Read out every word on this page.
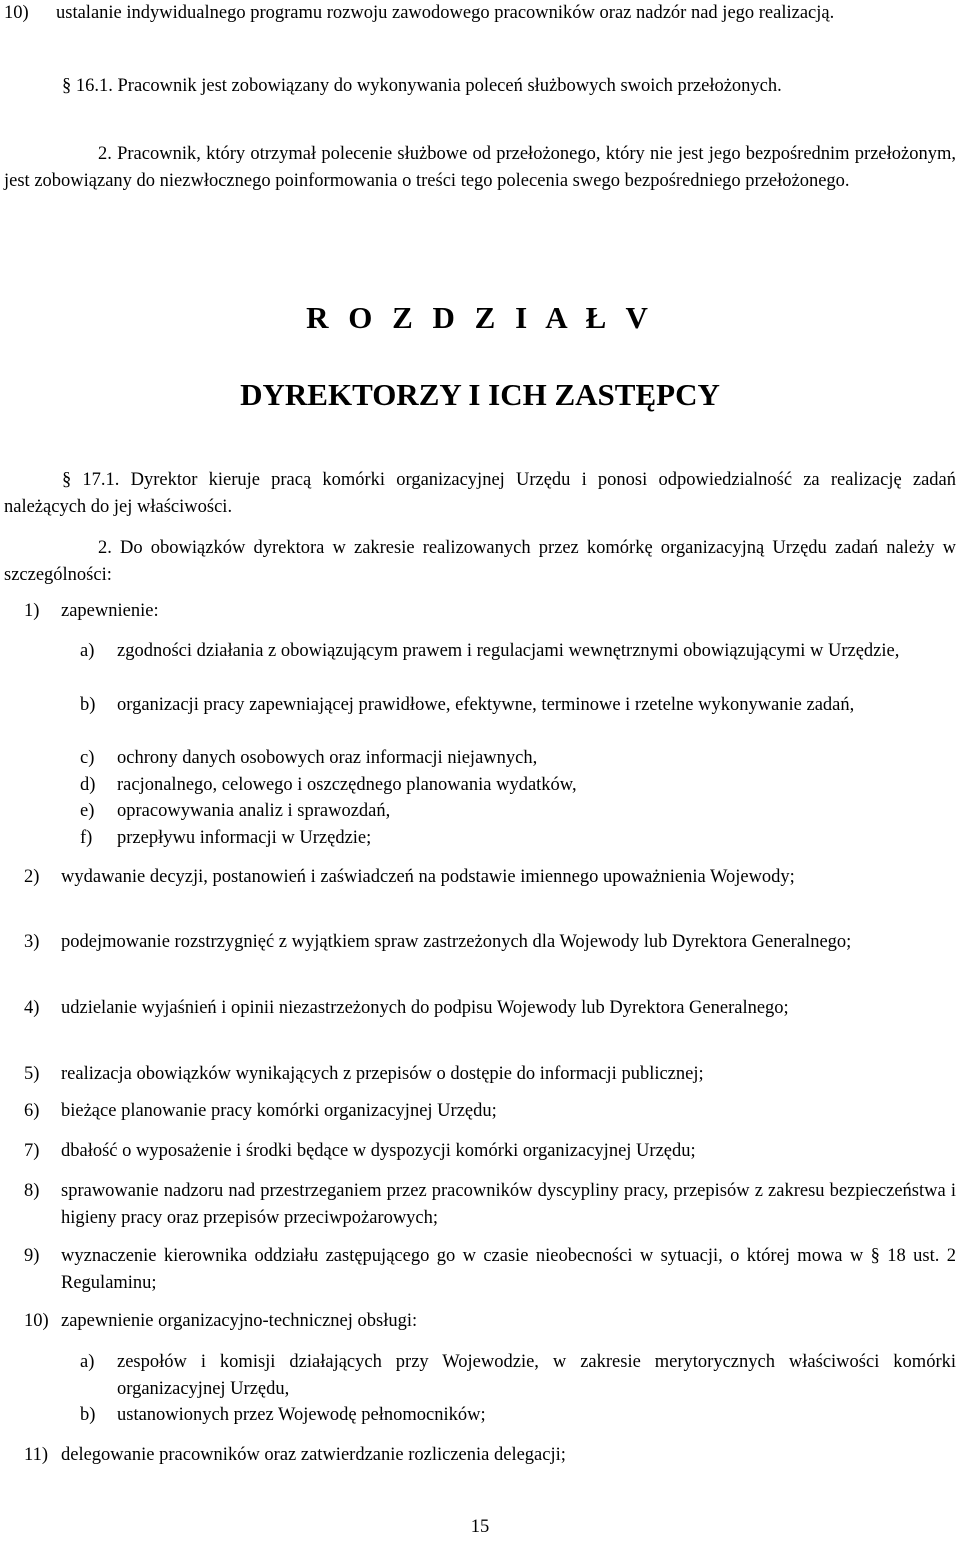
10)	ustalanie indywidualnego programu rozwoju zawodowego pracowników oraz nadzór nad jego realizacją.
§ 16.1. Pracownik jest zobowiązany do wykonywania poleceń służbowych swoich przełożonych.
2. Pracownik, który otrzymał polecenie służbowe od przełożonego, który nie jest jego bezpośrednim przełożonym, jest zobowiązany do niezwłocznego poinformowania o treści tego polecenia swego bezpośredniego przełożonego.
R O Z D Z I A Ł V
DYREKTORZY I ICH ZASTĘPCY
§ 17.1. Dyrektor kieruje pracą komórki organizacyjnej Urzędu i ponosi odpowiedzialność za realizację zadań należących do jej właściwości.
2. Do obowiązków dyrektora w zakresie realizowanych przez komórkę organizacyjną Urzędu zadań należy w szczególności:
1)	zapewnienie:
a)	zgodności działania z obowiązującym prawem i regulacjami wewnętrznymi obowiązującymi w Urzędzie,
b)	organizacji pracy zapewniającej prawidłowe, efektywne, terminowe i rzetelne wykonywanie zadań,
c)	ochrony danych osobowych oraz informacji niejawnych,
d)	racjonalnego, celowego i oszczędnego planowania wydatków,
e)	opracowywania analiz i sprawozdań,
f)	przepływu informacji w Urzędzie;
2)	wydawanie decyzji, postanowień i zaświadczeń na podstawie imiennego upoważnienia Wojewody;
3)	podejmowanie rozstrzygnięć z wyjątkiem spraw zastrzeżonych dla Wojewody lub Dyrektora Generalnego;
4)	udzielanie wyjaśnień i opinii niezastrzeżonych do podpisu Wojewody lub Dyrektora Generalnego;
5)	realizacja obowiązków wynikających z przepisów o dostępie do informacji publicznej;
6)	bieżące planowanie pracy komórki organizacyjnej Urzędu;
7)	dbałość o wyposażenie i środki będące w dyspozycji komórki organizacyjnej Urzędu;
8)	sprawowanie nadzoru nad przestrzeganiem przez pracowników dyscypliny pracy, przepisów z zakresu bezpieczeństwa i higieny pracy oraz przepisów przeciwpożarowych;
9)	wyznaczenie kierownika oddziału zastępującego go w czasie nieobecności w sytuacji, o której mowa w § 18 ust. 2 Regulaminu;
10) zapewnienie organizacyjno-technicznej obsługi:
a)	zespołów i komisji działających przy Wojewodzie, w zakresie merytorycznych właściwości komórki organizacyjnej Urzędu,
b)	ustanowionych przez Wojewodę pełnomocników;
11) delegowanie pracowników oraz zatwierdzanie rozliczenia delegacji;
15
